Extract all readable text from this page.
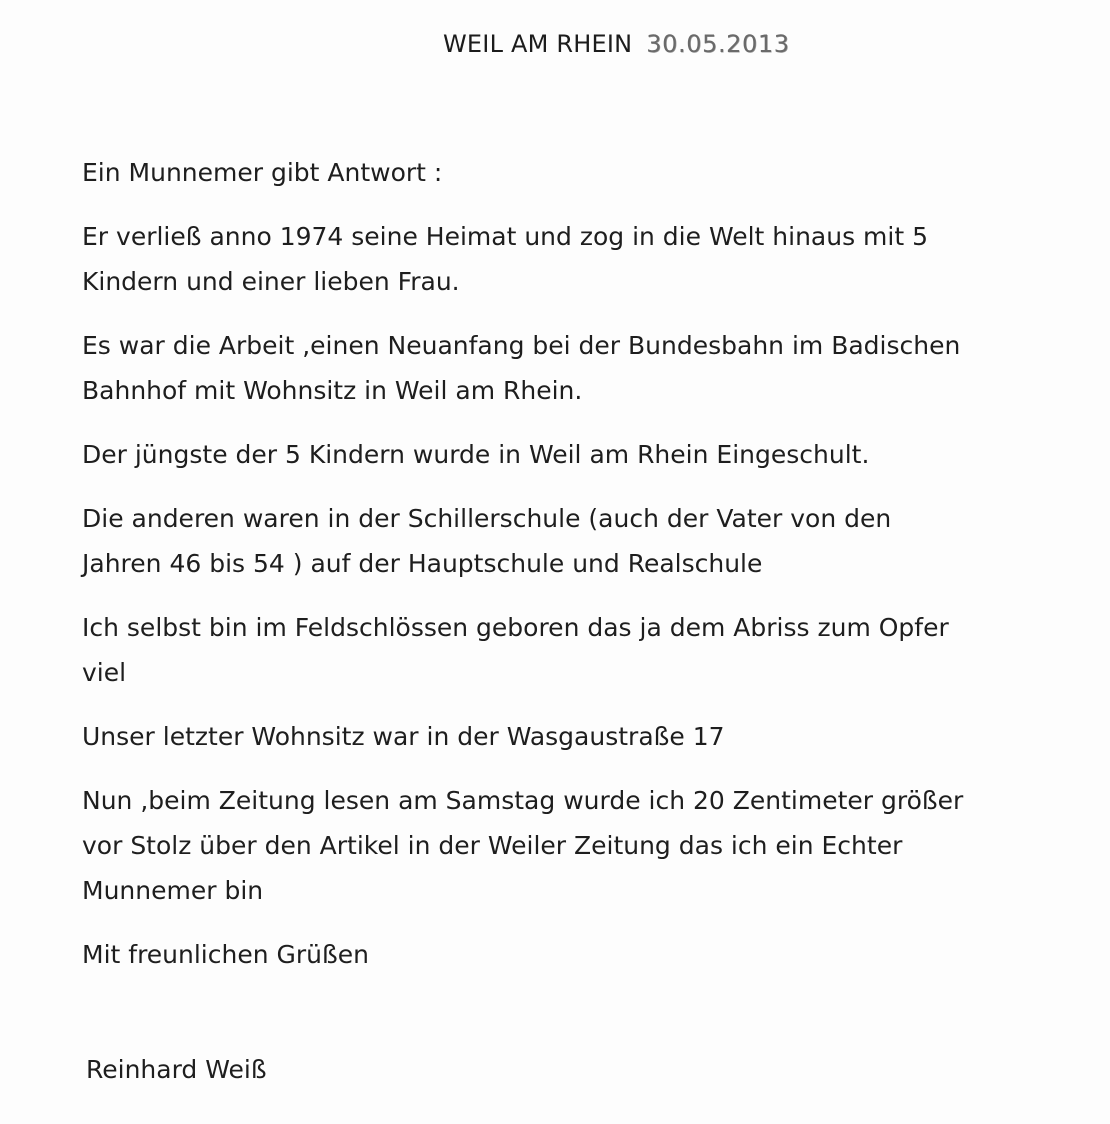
WEIL AM RHEIN 30.05.2013

Ein Munnemer gibt Antwort :

Er verließ anno 1974 seine Heimat und zog in die Welt hinaus mit 5
Kindern und einer lieben Frau.

Es war die Arbeit ,einen Neuanfang bei der Bundesbahn im Badischen
Bahnhof mit Wohnsitz in Weil am Rhein.

Der jüngste der 5 Kindern wurde in Weil am Rhein Eingeschult.

Die anderen waren in der Schillerschule (auch der Vater von den
Jahren 46 bis 54 ) auf der Hauptschule und Realschule

Ich selbst bin im Feldschlössen geboren das ja dem Abriss zum Opfer
viel

Unser letzter Wohnsitz war in der Wasgaustraße 17

Nun ,beim Zeitung lesen am Samstag wurde ich 20 Zentimeter größer
vor Stolz über den Artikel in der Weiler Zeitung das ich ein Echter
Munnemer bin

Mit freunlichen Grüßen

Reinhard Weiß
